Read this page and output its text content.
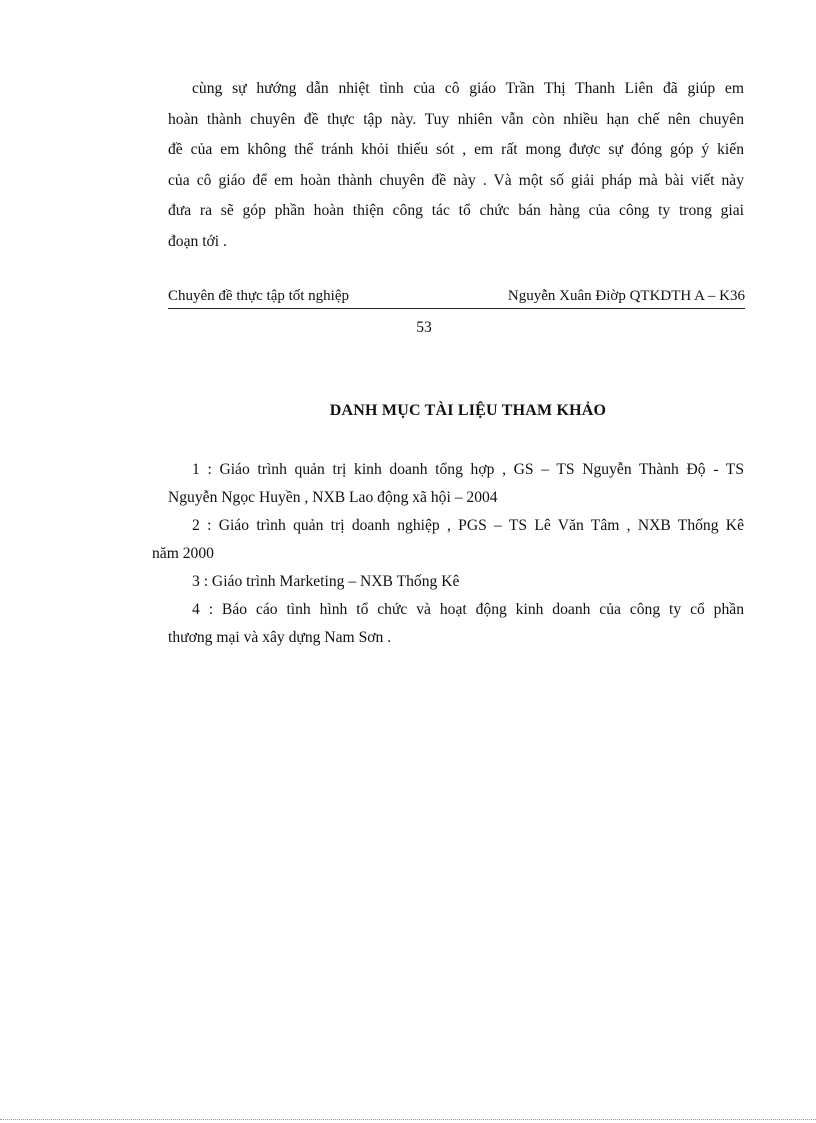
cùng sự hướng dẫn nhiệt tình của cô giáo Trần Thị Thanh Liên đã giúp em
hoàn thành chuyên đề thực tập này. Tuy nhiên vẫn còn nhiều hạn chế nên chuyên
đề của em không thể tránh khỏi thiếu sót , em rất mong được sự đóng góp ý kiến
của cô giáo để em hoàn thành chuyên đề này . Và một số giải pháp mà bài viết này
đưa ra sẽ góp phần hoàn thiện công tác tổ chức bán hàng của công ty trong giai
đoạn tới .
Chuyên đề thực tập tốt nghiệp	Nguyễn Xuân Điờp QTKDTH A – K36
53
DANH MỤC TÀI LIỆU THAM KHẢO
1 : Giáo trình quản trị kinh doanh tổng hợp , GS – TS Nguyễn Thành Độ - TS
Nguyễn Ngọc Huyền , NXB Lao động xã hội – 2004
2 : Giáo trình quản trị doanh nghiệp , PGS – TS Lê Văn Tâm , NXB Thống Kê
năm 2000
3 : Giáo trình Marketing – NXB Thống Kê
4 : Báo cáo tình hình tổ chức và hoạt động kinh doanh của công ty cổ phần
thương mại và xây dựng Nam Sơn .
